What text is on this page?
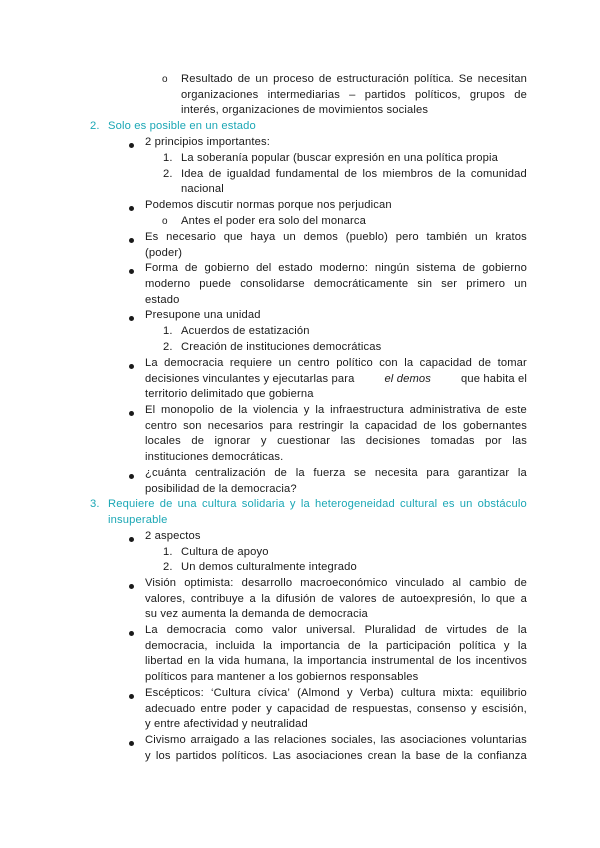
o Resultado de un proceso de estructuración política. Se necesitan
organizaciones intermediarias – partidos políticos, grupos de
interés, organizaciones de movimientos sociales
2. Solo es posible en un estado
2 principios importantes:
1. La soberanía popular (buscar expresión en una política propia
2. Idea de igualdad fundamental de los miembros de la comunidad
nacional
Podemos discutir normas porque nos perjudican
o Antes el poder era solo del monarca
Es necesario que haya un demos (pueblo) pero también un kratos
(poder)
Forma de gobierno del estado moderno: ningún sistema de gobierno
moderno puede consolidarse democráticamente sin ser primero un
estado
Presupone una unidad
1. Acuerdos de estatización
2. Creación de instituciones democráticas
La democracia requiere un centro político con la capacidad de tomar
decisiones vinculantes y ejecutarlas para	el demos	que habita el
territorio delimitado que gobierna
El monopolio de la violencia y la infraestructura administrativa de este
centro son necesarios para restringir la capacidad de los gobernantes
locales de ignorar y cuestionar las decisiones tomadas por las
instituciones democráticas.
¿cuánta centralización de la fuerza se necesita para garantizar la
posibilidad de la democracia?
3. Requiere de una cultura solidaria y la heterogeneidad cultural es un obstáculo
insuperable
2 aspectos
1. Cultura de apoyo
2. Un demos culturalmente integrado
Visión optimista: desarrollo macroeconómico vinculado al cambio de
valores, contribuye a la difusión de valores de autoexpresión, lo que a
su vez aumenta la demanda de democracia
La democracia como valor universal. Pluralidad de virtudes de la
democracia, incluida la importancia de la participación política y la
libertad en la vida humana, la importancia instrumental de los incentivos
políticos para mantener a los gobiernos responsables
Escépticos: ‘Cultura cívica’ (Almond y Verba) cultura mixta: equilibrio
adecuado entre poder y capacidad de respuestas, consenso y escisión,
y entre afectividad y neutralidad
Civismo arraigado a las relaciones sociales, las asociaciones voluntarias
y los partidos políticos. Las asociaciones crean la base de la confianza
